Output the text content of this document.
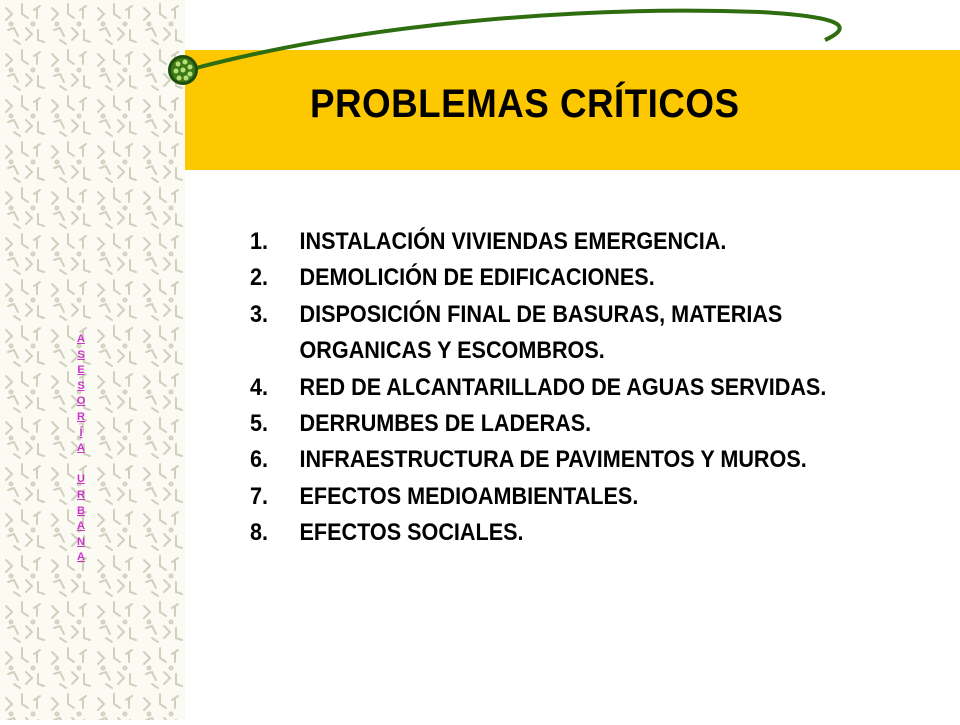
PROBLEMAS CRÍTICOS
A
S
E
S
O
R
Í
A
U
R
B
A
N
A
1.	INSTALACIÓN VIVIENDAS EMERGENCIA.
2.	DEMOLICIÓN DE EDIFICACIONES.
3.	DISPOSICIÓN FINAL DE BASURAS, MATERIAS ORGANICAS Y ESCOMBROS.
4.	RED DE ALCANTARILLADO DE AGUAS SERVIDAS.
5.	DERRUMBES DE LADERAS.
6.	INFRAESTRUCTURA DE PAVIMENTOS Y MUROS.
7.	EFECTOS MEDIOAMBIENTALES.
8.	EFECTOS SOCIALES.
